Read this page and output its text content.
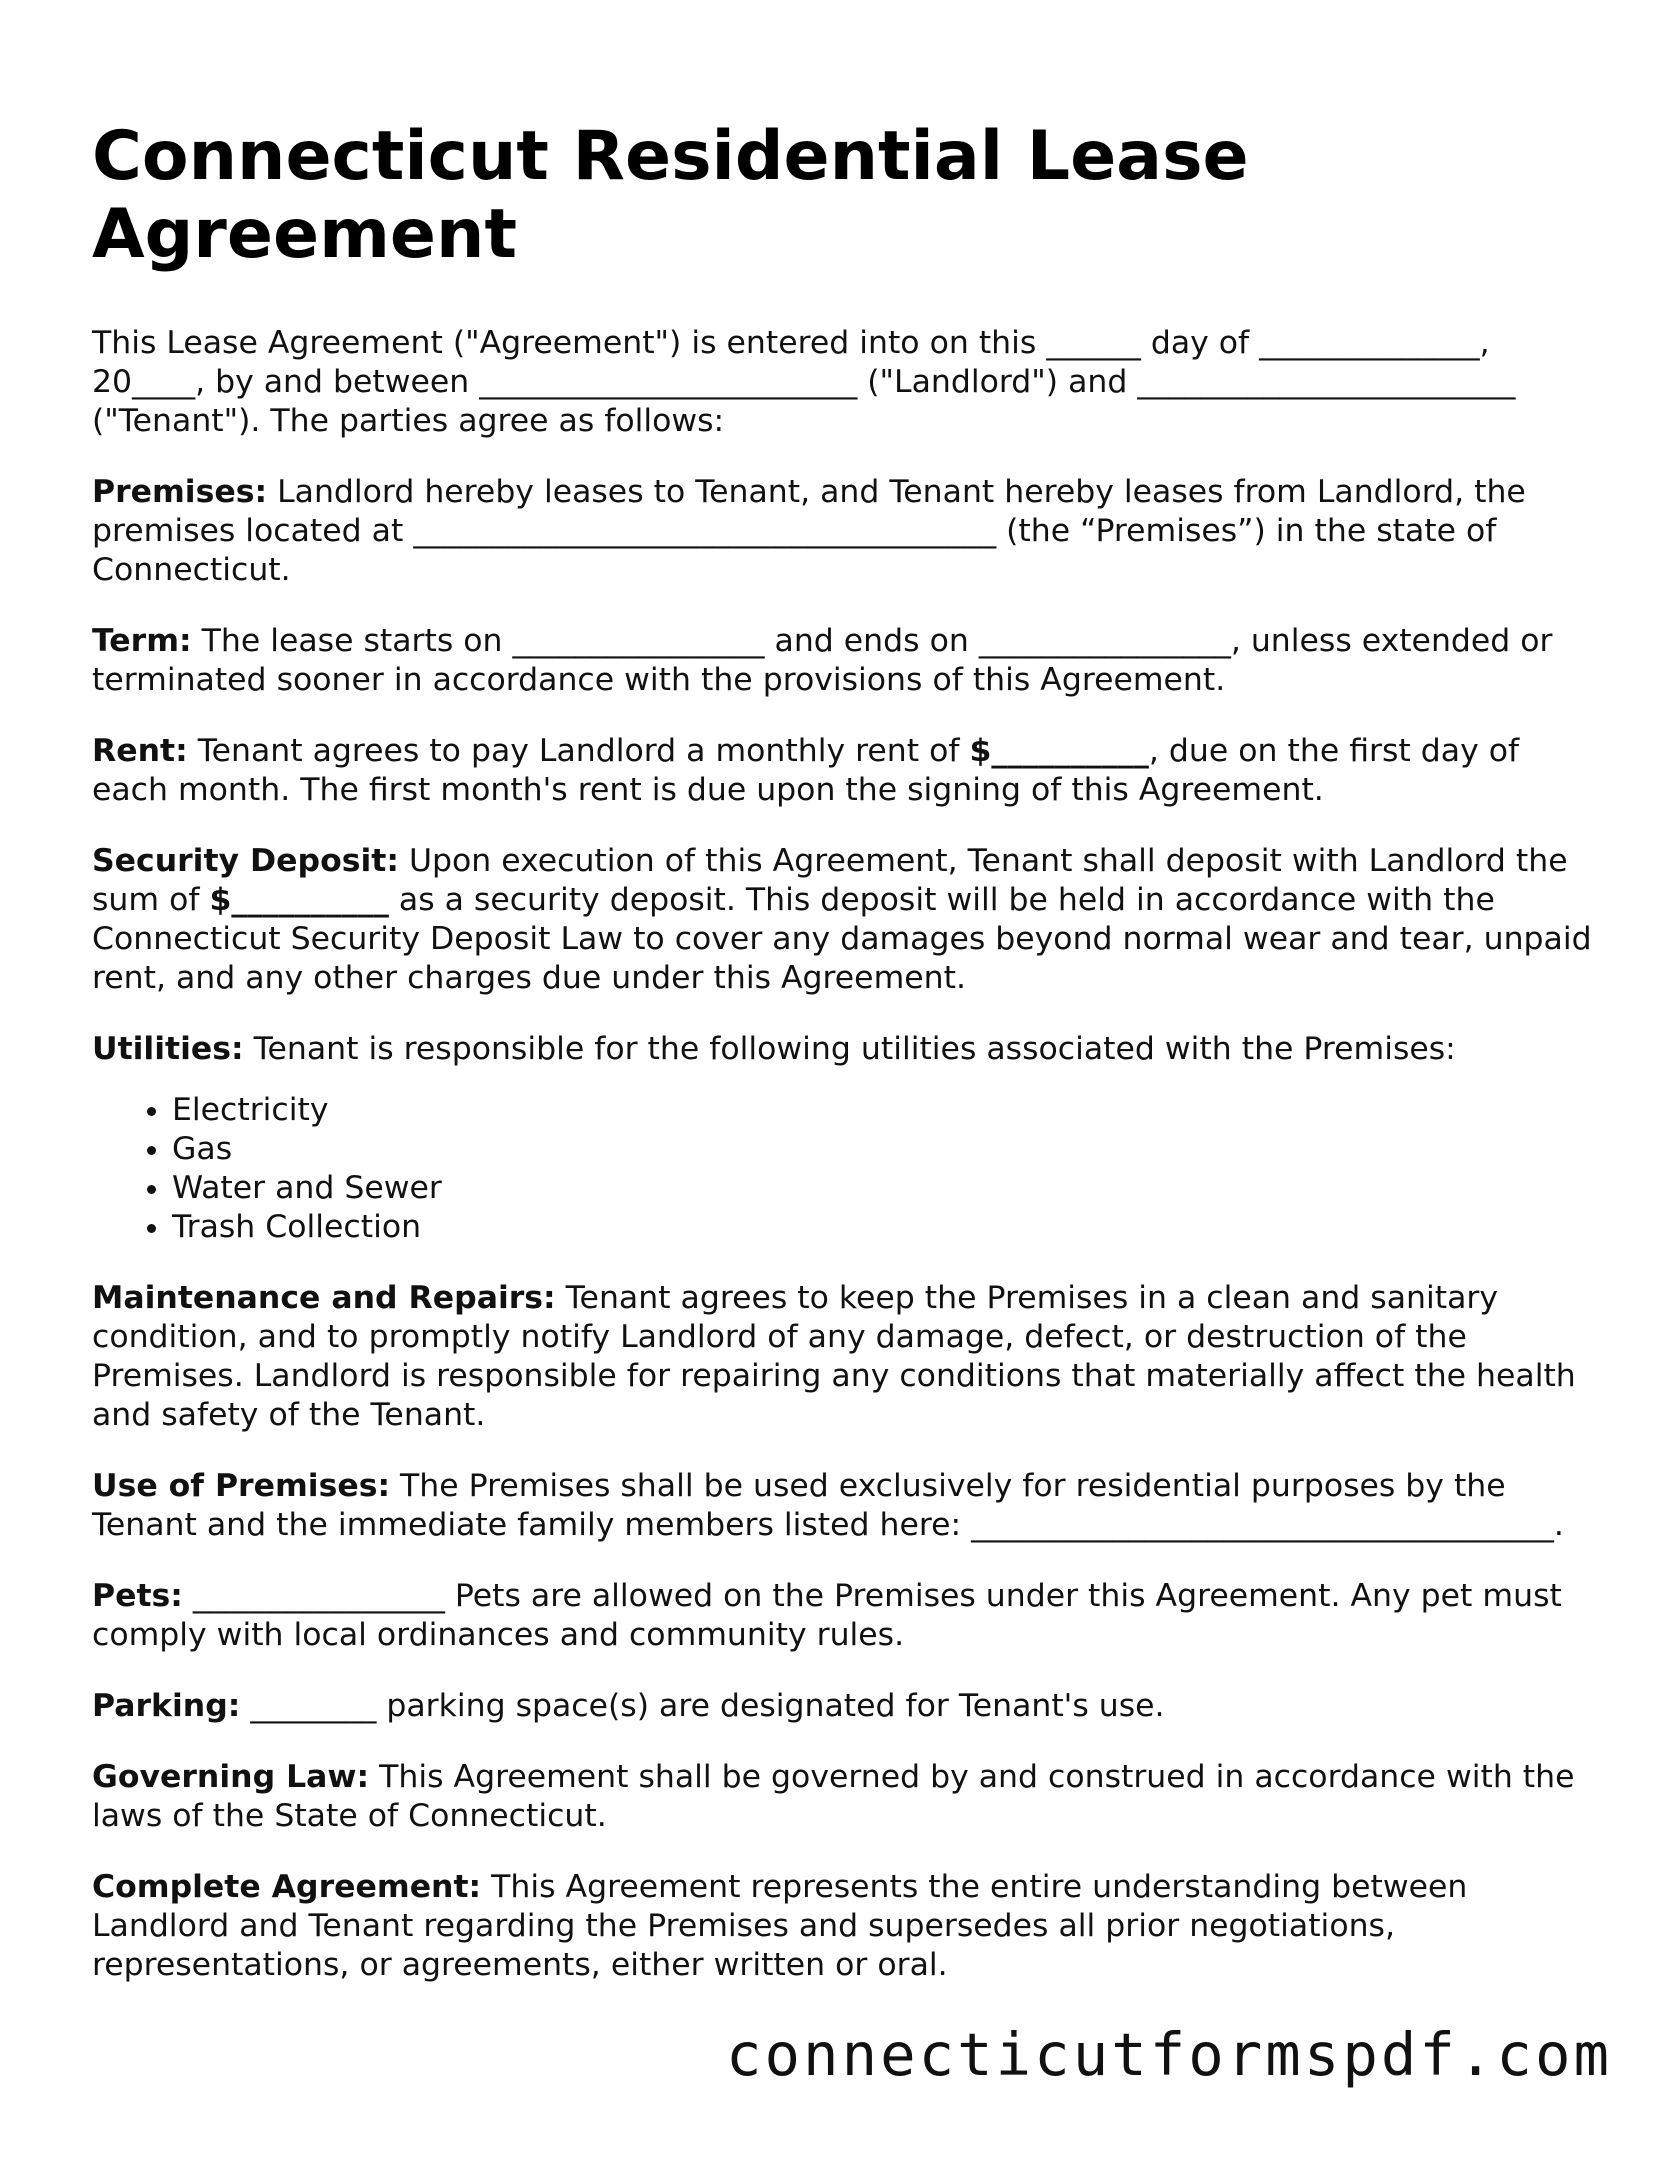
Connecticut Residential Lease Agreement

This Lease Agreement ("Agreement") is entered into on this ______ day of ______________, 20____, by and between ________________________ ("Landlord") and ________________________ ("Tenant"). The parties agree as follows:

Premises: Landlord hereby leases to Tenant, and Tenant hereby leases from Landlord, the premises located at _____________________________________ (the “Premises”) in the state of Connecticut.

Term: The lease starts on ________________ and ends on ________________, unless extended or terminated sooner in accordance with the provisions of this Agreement.

Rent: Tenant agrees to pay Landlord a monthly rent of $__________, due on the first day of each month. The first month's rent is due upon the signing of this Agreement.

Security Deposit: Upon execution of this Agreement, Tenant shall deposit with Landlord the sum of $__________ as a security deposit. This deposit will be held in accordance with the Connecticut Security Deposit Law to cover any damages beyond normal wear and tear, unpaid rent, and any other charges due under this Agreement.

Utilities: Tenant is responsible for the following utilities associated with the Premises:

• Electricity
• Gas
• Water and Sewer
• Trash Collection

Maintenance and Repairs: Tenant agrees to keep the Premises in a clean and sanitary condition, and to promptly notify Landlord of any damage, defect, or destruction of the Premises. Landlord is responsible for repairing any conditions that materially affect the health and safety of the Tenant.

Use of Premises: The Premises shall be used exclusively for residential purposes by the Tenant and the immediate family members listed here: _____________________________________.

Pets: ________________ Pets are allowed on the Premises under this Agreement. Any pet must comply with local ordinances and community rules.

Parking: ________ parking space(s) are designated for Tenant's use.

Governing Law: This Agreement shall be governed by and construed in accordance with the laws of the State of Connecticut.

Complete Agreement: This Agreement represents the entire understanding between Landlord and Tenant regarding the Premises and supersedes all prior negotiations, representations, or agreements, either written or oral.

connecticutformspdf.com
